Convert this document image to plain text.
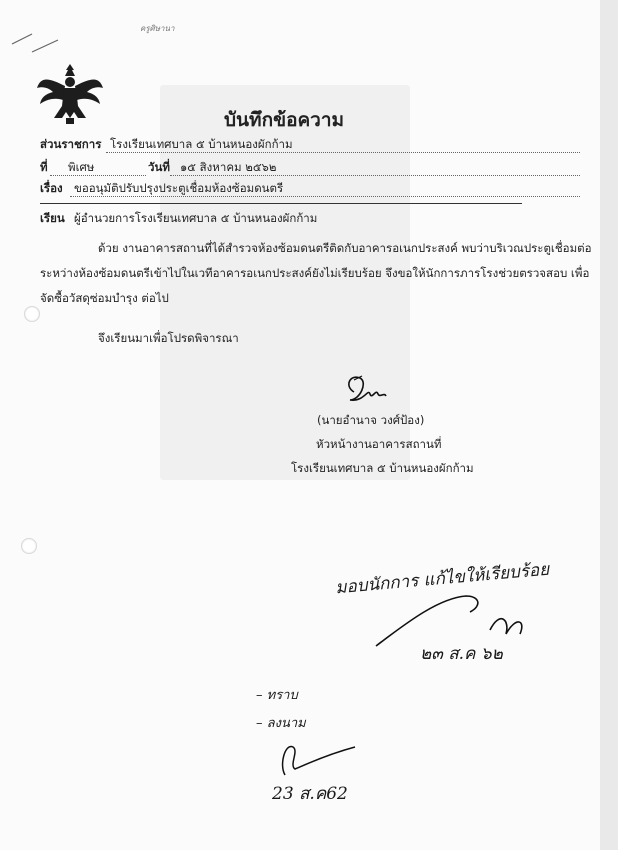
ครูศิษานา
บันทึกข้อความ
ส่วนราชการ โรงเรียนเทศบาล ๕ บ้านหนองผักก้าม
ที่ พิเศษ	วันที่ ๑๕ สิงหาคม ๒๕๖๒
เรื่อง ขออนุมัติปรับปรุงประตูเชื่อมห้องซ้อมดนตรี
เรียน ผู้อำนวยการโรงเรียนเทศบาล ๕ บ้านหนองผักก้าม
ด้วย งานอาคารสถานที่ได้สำรวจห้องซ้อมดนตรีติดกับอาคารอเนกประสงค์ พบว่าบริเวณประตูเชื่อมต่อ
ระหว่างห้องซ้อมดนตรีเข้าไปในเวทีอาคารอเนกประสงค์ยังไม่เรียบร้อย จึงขอให้นักการภารโรงช่วยตรวจสอบ เพื่อ
จัดซื้อวัสดุซ่อมบำรุง ต่อไป
จึงเรียนมาเพื่อโปรดพิจารณา
(นายอำนาจ วงศ์ป้อง)
หัวหน้างานอาคารสถานที่
โรงเรียนเทศบาล ๕ บ้านหนองผักก้าม
มอบนักการ แก้ไขให้เรียบร้อย
๒๓ ส.ค ๖๒
– ทราบ
– ลงนาม
23 ส.ค62
